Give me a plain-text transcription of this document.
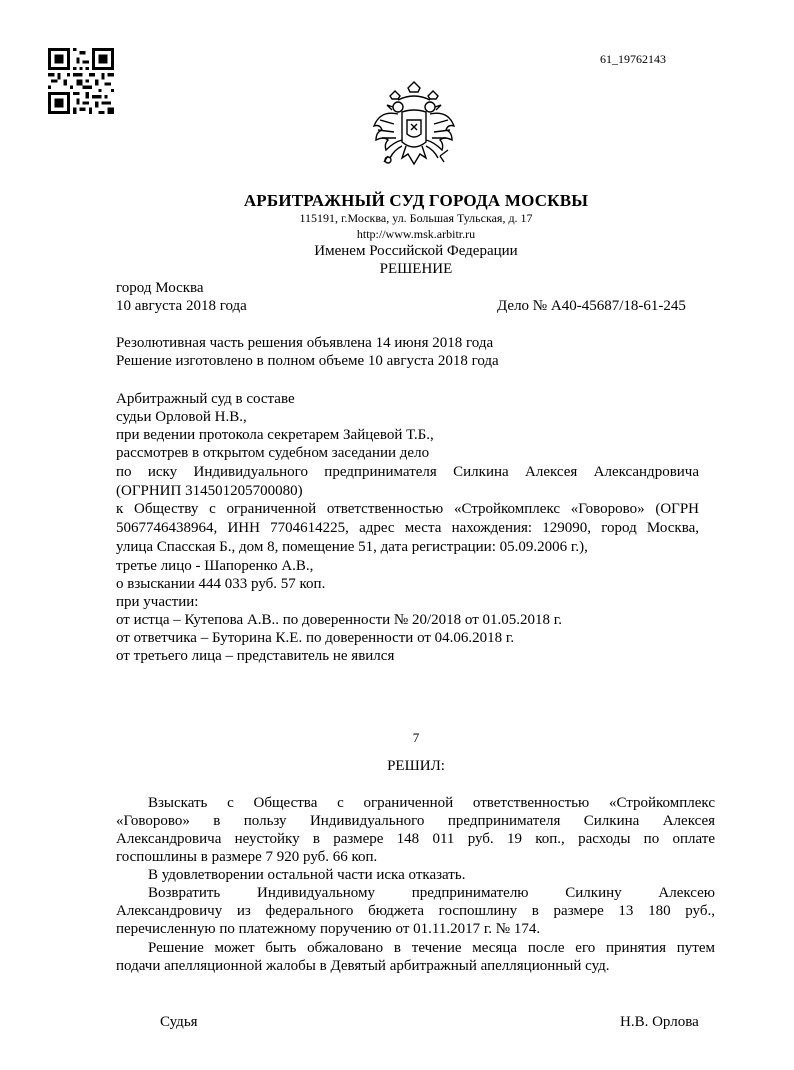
61_19762143
АРБИТРАЖНЫЙ СУД ГОРОДА МОСКВЫ
115191, г.Москва, ул. Большая Тульская, д. 17
http://www.msk.arbitr.ru
Именем Российской Федерации
РЕШЕНИЕ
город Москва
10 августа 2018 года	Дело № А40-45687/18-61-245
Резолютивная часть решения объявлена 14 июня 2018 года
Решение изготовлено в полном объеме 10 августа 2018 года
Арбитражный суд в составе
судьи Орловой Н.В.,
при ведении протокола секретарем Зайцевой Т.Б.,
рассмотрев в открытом судебном заседании дело
по иску Индивидуального предпринимателя Силкина Алексея Александровича
(ОГРНИП 314501205700080)
к Обществу с ограниченной ответственностью «Стройкомплекс «Говорово» (ОГРН
5067746438964, ИНН 7704614225, адрес места нахождения: 129090, город Москва,
улица Спасская Б., дом 8, помещение 51, дата регистрации: 05.09.2006 г.),
третье лицо - Шапоренко А.В.,
о взыскании 444 033 руб. 57 коп.
при участии:
от истца – Кутепова А.В.. по доверенности № 20/2018 от 01.05.2018 г.
от ответчика – Буторина К.Е. по доверенности от 04.06.2018 г.
от третьего лица – представитель не явился
7
РЕШИЛ:
Взыскать с Общества с ограниченной ответственностью «Стройкомплекс
«Говорово» в пользу Индивидуального предпринимателя Силкина Алексея
Александровича неустойку в размере 148 011 руб. 19 коп., расходы по оплате
госпошлины в размере 7 920 руб. 66 коп.
В удовлетворении остальной части иска отказать.
Возвратить Индивидуальному предпринимателю Силкину Алексею
Александровичу из федерального бюджета госпошлину в размере 13 180 руб.,
перечисленную по платежному поручению от 01.11.2017 г. № 174.
Решение может быть обжаловано в течение месяца после его принятия путем
подачи апелляционной жалобы в Девятый арбитражный апелляционный суд.
Судья	Н.В. Орлова
